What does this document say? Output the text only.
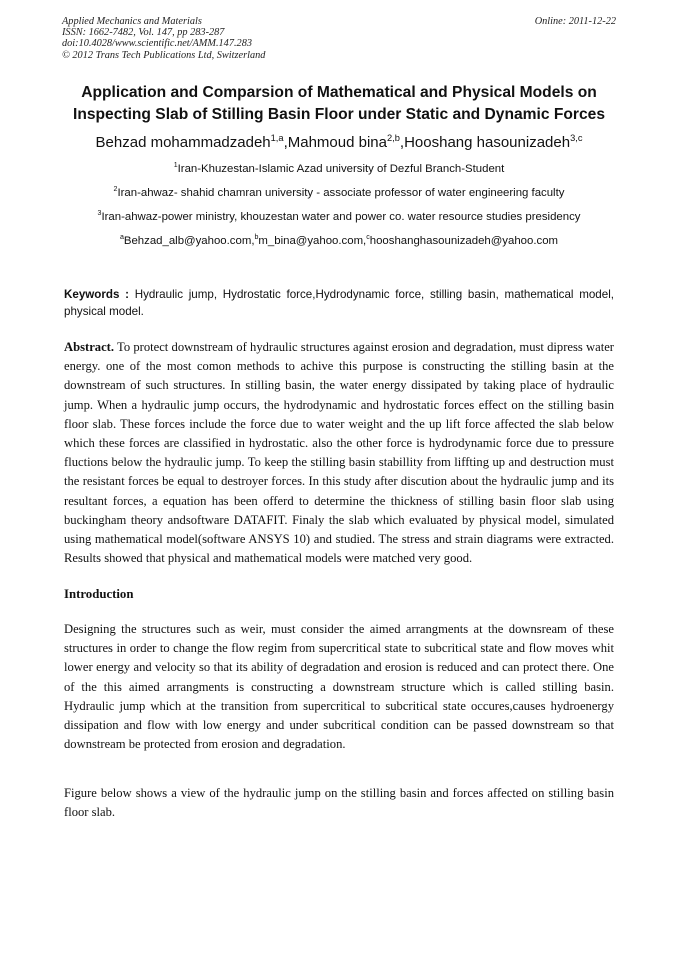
Applied Mechanics and Materials
ISSN: 1662-7482, Vol. 147, pp 283-287
doi:10.4028/www.scientific.net/AMM.147.283
© 2012 Trans Tech Publications Ltd, Switzerland
Online: 2011-12-22
Application and Comparsion of Mathematical and Physical Models on
Inspecting Slab of Stilling Basin Floor under Static and Dynamic Forces
Behzad mohammadzadeh$^{1,a}$,Mahmoud bina$^{2,b}$,Hooshang hasounizadeh$^{3,c}$
$^1$Iran-Khuzestan-Islamic Azad university of Dezful Branch-Student
$^2$Iran-ahwaz- shahid chamran university - associate professor of water engineering faculty
$^3$Iran-ahwaz-power ministry, khouzestan water and power co. water resource studies presidency
$^a$Behzad_alb@yahoo.com,$^b$m_bina@yahoo.com,$^c$hooshanghasounizadeh@yahoo.com
Keywords : Hydraulic jump, Hydrostatic force,Hydrodynamic force, stilling basin, mathematical model, physical model.
Abstract. To protect downstream of hydraulic structures against erosion and degradation, must dipress water energy. one of the most comon methods to achive this purpose is constructing the stilling basin at the downstream of such structures. In stilling basin, the water energy dissipated by taking place of hydraulic jump. When a hydraulic jump occurs, the hydrodynamic and hydrostatic forces effect on the stilling basin floor slab. These forces include the force due to water weight and the up lift force affected the slab below which these forces are classified in hydrostatic. also the other force is hydrodynamic force due to pressure fluctions below the hydraulic jump. To keep the stilling basin stabillity from liffting up and destruction must the resistant forces be equal to destroyer forces. In this study after discution about the hydraulic jump and its resultant forces, a equation has been offerd to determine the thickness of stilling basin floor slab using buckingham theory andsoftware DATAFIT. Finaly the slab which evaluated by physical model, simulated using mathematical model(software ANSYS 10) and studied. The stress and strain diagrams were extracted. Results showed that physical and mathematical models were matched very good.
Introduction
Designing the structures such as weir, must consider the aimed arrangments at the downsream of these structures in order to change the flow regim from supercritical state to subcritical state and flow moves whit lower energy and velocity so that its ability of degradation and erosion is reduced and can protect there. One of the this aimed arrangments is constructing a downstream structure which is called stilling basin. Hydraulic jump which at the transition from supercritical to subcritical state occures,causes hydroenergy dissipation and flow with low energy and under subcritical condition can be passed downstream so that downstream be protected from erosion and degradation.
Figure below shows a view of the hydraulic jump on the stilling basin and forces affected on stilling basin floor slab.
